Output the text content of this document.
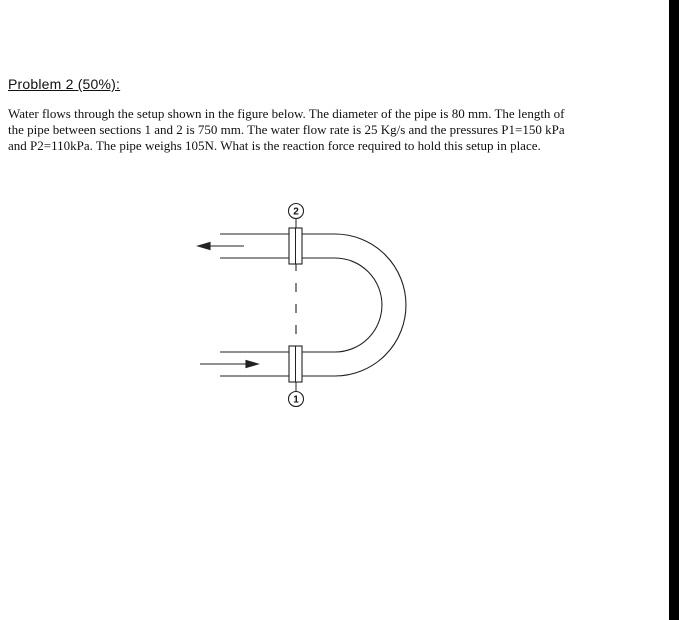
Problem 2 (50%):
Water flows through the setup shown in the figure below. The diameter of the pipe is 80 mm. The length of
the pipe between sections 1 and 2 is 750 mm. The water flow rate is 25 Kg/s and the pressures P1=150 kPa
and P2=110kPa. The pipe weighs 105N. What is the reaction force required to hold this setup in place.
2
1
